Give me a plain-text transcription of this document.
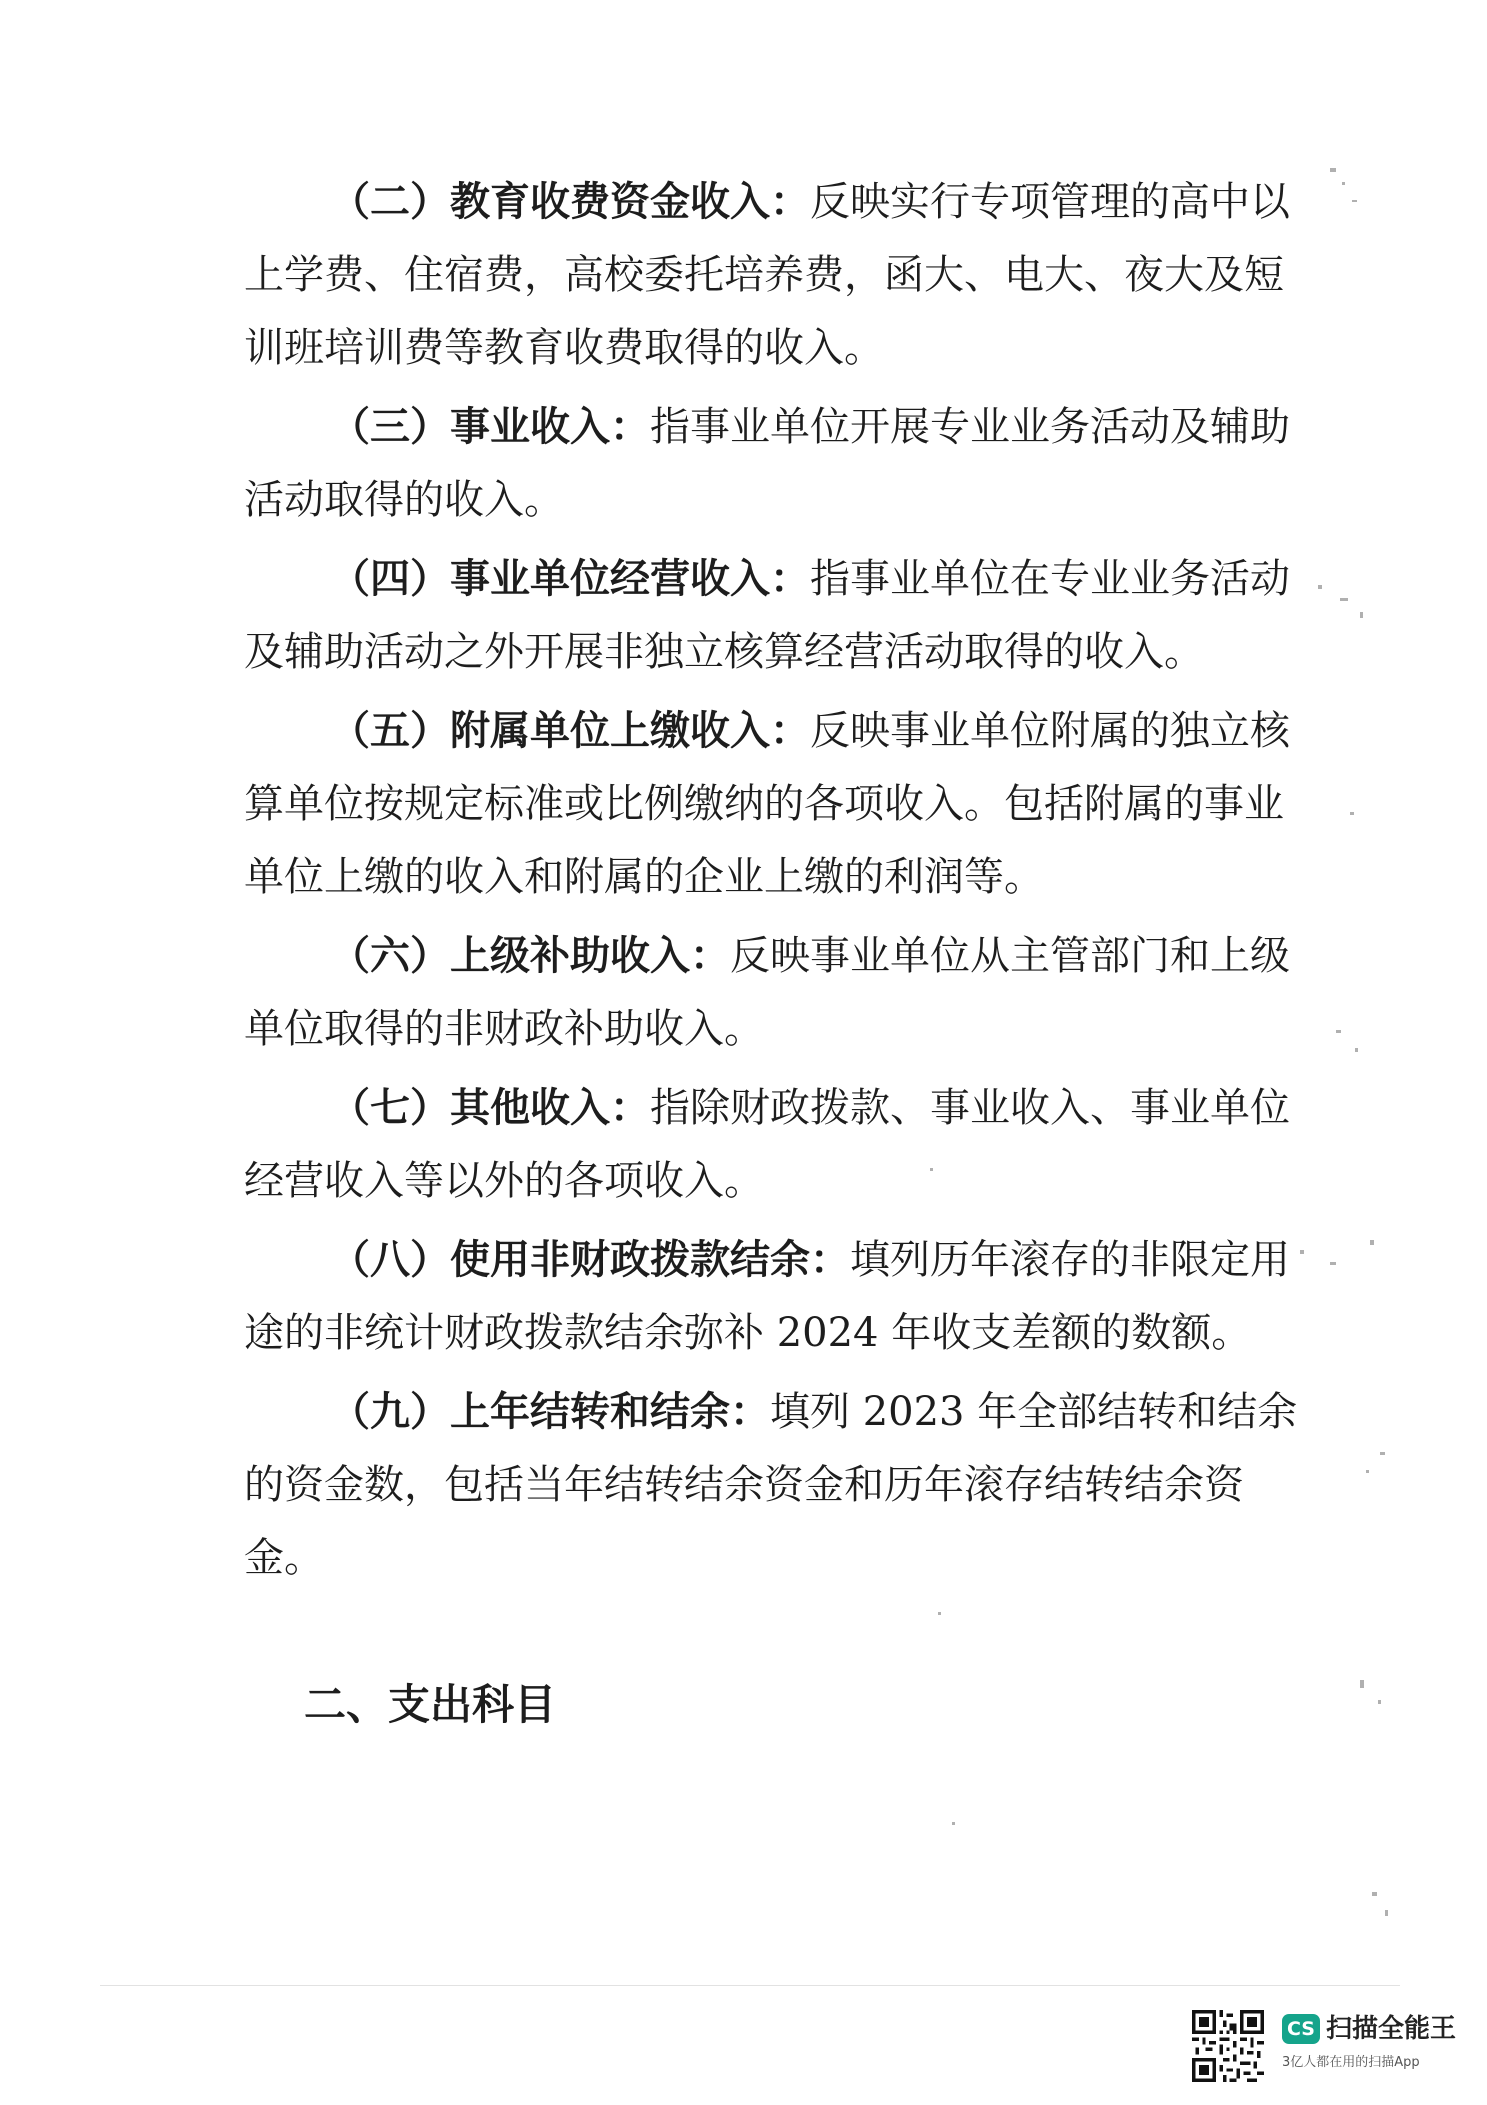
（二）教育收费资金收入：反映实行专项管理的高中以
上学费、住宿费，高校委托培养费，函大、电大、夜大及短
训班培训费等教育收费取得的收入。
（三）事业收入：指事业单位开展专业业务活动及辅助
活动取得的收入。
（四）事业单位经营收入：指事业单位在专业业务活动
及辅助活动之外开展非独立核算经营活动取得的收入。
（五）附属单位上缴收入：反映事业单位附属的独立核
算单位按规定标准或比例缴纳的各项收入。包括附属的事业
单位上缴的收入和附属的企业上缴的利润等。
（六）上级补助收入：反映事业单位从主管部门和上级
单位取得的非财政补助收入。
（七）其他收入：指除财政拨款、事业收入、事业单位
经营收入等以外的各项收入。
（八）使用非财政拨款结余：填列历年滚存的非限定用
途的非统计财政拨款结余弥补 2024 年收支差额的数额。
（九）上年结转和结余：填列 2023 年全部结转和结余
的资金数，包括当年结转结余资金和历年滚存结转结余资
金。
二、支出科目
CS 扫描全能王
3亿人都在用的扫描App
